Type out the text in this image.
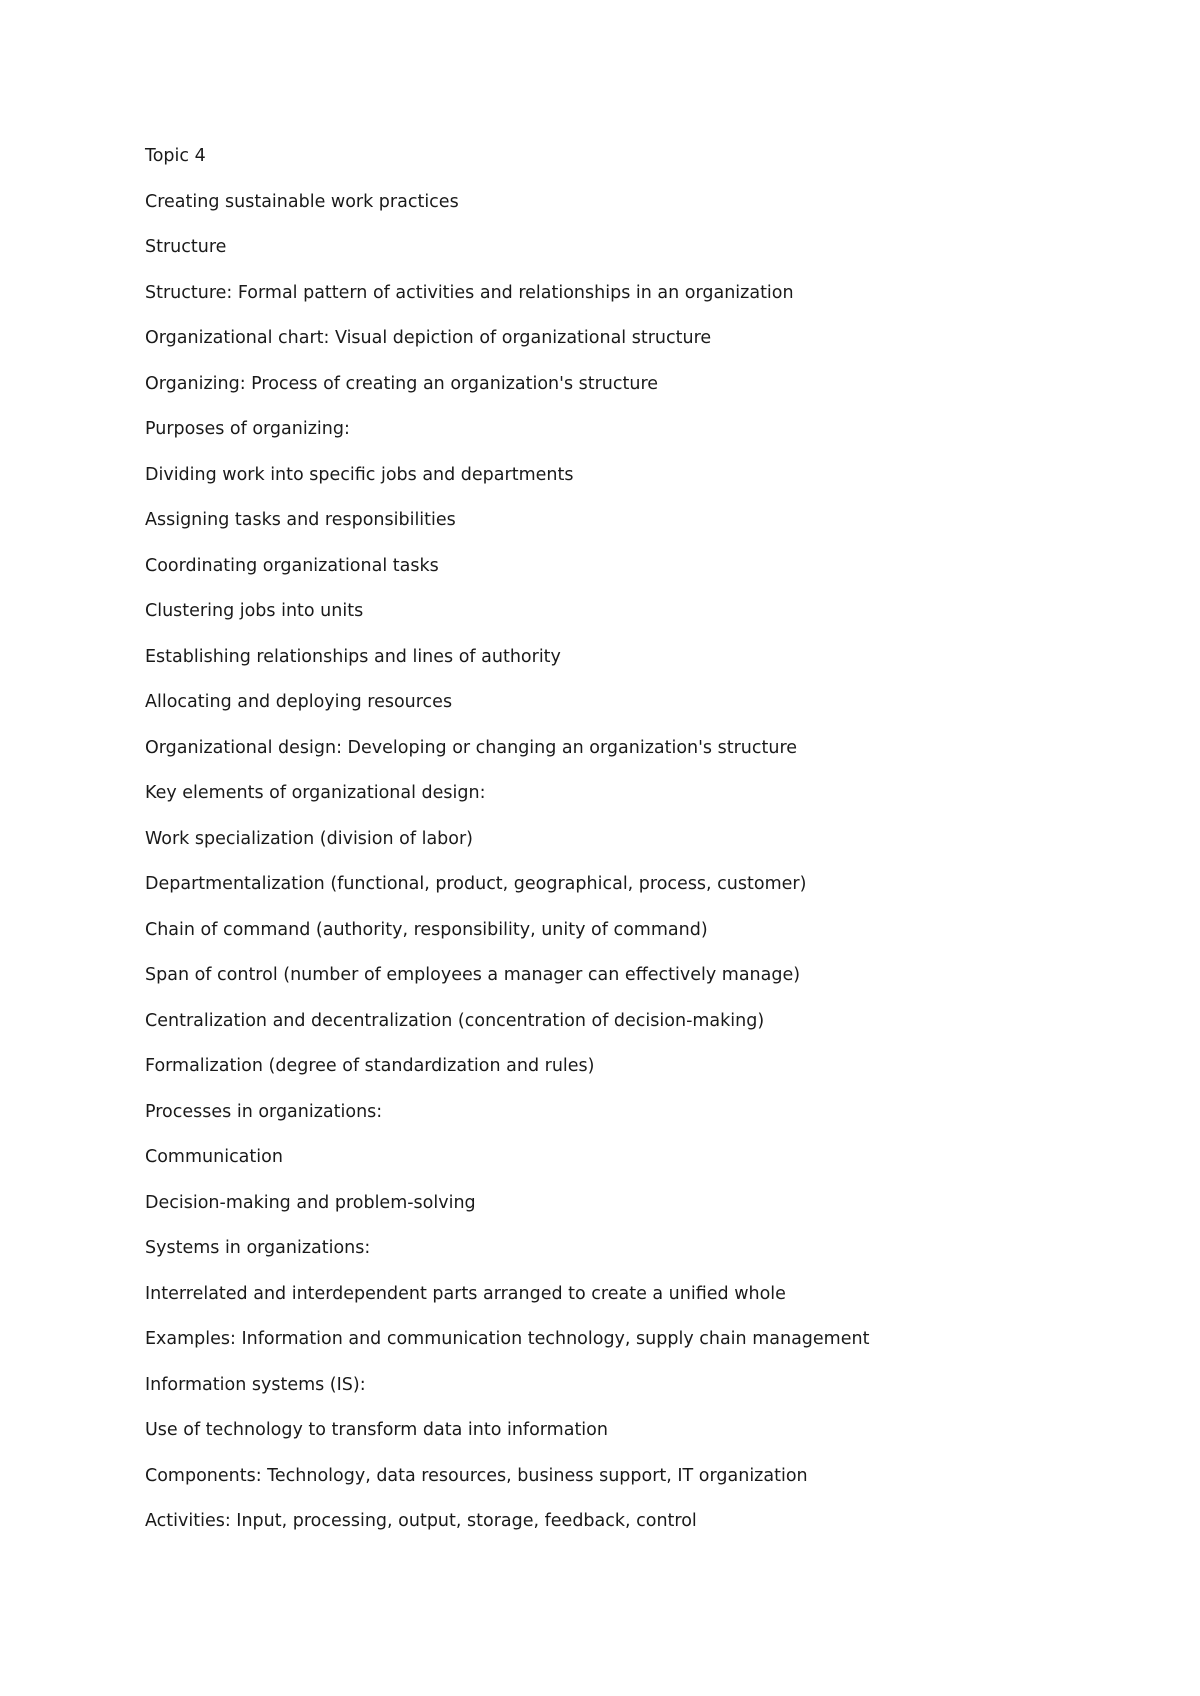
Topic 4
Creating sustainable work practices
Structure
Structure: Formal pattern of activities and relationships in an organization
Organizational chart: Visual depiction of organizational structure
Organizing: Process of creating an organization's structure
Purposes of organizing:
Dividing work into specific jobs and departments
Assigning tasks and responsibilities
Coordinating organizational tasks
Clustering jobs into units
Establishing relationships and lines of authority
Allocating and deploying resources
Organizational design: Developing or changing an organization's structure
Key elements of organizational design:
Work specialization (division of labor)
Departmentalization (functional, product, geographical, process, customer)
Chain of command (authority, responsibility, unity of command)
Span of control (number of employees a manager can effectively manage)
Centralization and decentralization (concentration of decision-making)
Formalization (degree of standardization and rules)
Processes in organizations:
Communication
Decision-making and problem-solving
Systems in organizations:
Interrelated and interdependent parts arranged to create a unified whole
Examples: Information and communication technology, supply chain management
Information systems (IS):
Use of technology to transform data into information
Components: Technology, data resources, business support, IT organization
Activities: Input, processing, output, storage, feedback, control
